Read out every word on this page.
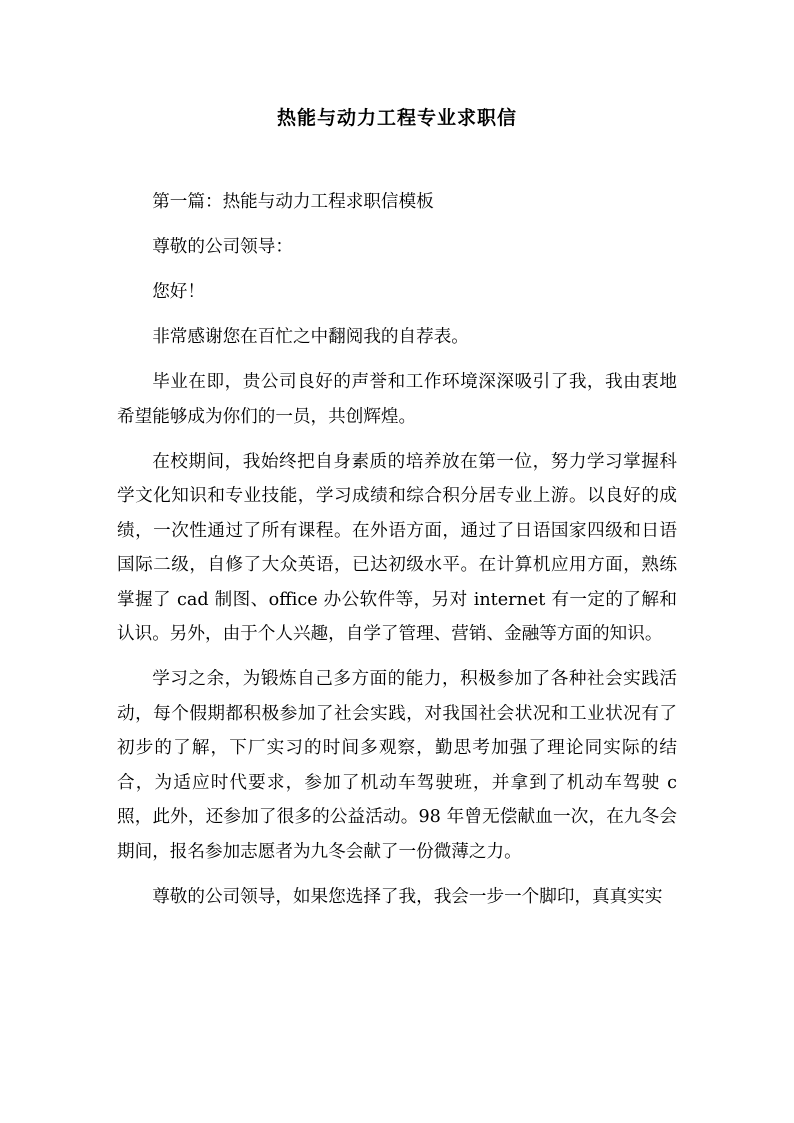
热能与动力工程专业求职信

第一篇：热能与动力工程求职信模板

尊敬的公司领导：

您好！

非常感谢您在百忙之中翻阅我的自荐表。

毕业在即，贵公司良好的声誉和工作环境深深吸引了我，我由衷地希望能够成为你们的一员，共创辉煌。

在校期间，我始终把自身素质的培养放在第一位，努力学习掌握科学文化知识和专业技能，学习成绩和综合积分居专业上游。以良好的成绩，一次性通过了所有课程。在外语方面，通过了日语国家四级和日语国际二级，自修了大众英语，已达初级水平。在计算机应用方面，熟练掌握了 cad 制图、office 办公软件等，另对 internet 有一定的了解和认识。另外，由于个人兴趣，自学了管理、营销、金融等方面的知识。

学习之余，为锻炼自己多方面的能力，积极参加了各种社会实践活动，每个假期都积极参加了社会实践，对我国社会状况和工业状况有了初步的了解，下厂实习的时间多观察，勤思考加强了理论同实际的结合，为适应时代要求，参加了机动车驾驶班，并拿到了机动车驾驶 c 照，此外，还参加了很多的公益活动。98 年曾无偿献血一次，在九冬会期间，报名参加志愿者为九冬会献了一份微薄之力。

尊敬的公司领导，如果您选择了我，我会一步一个脚印，真真实实
